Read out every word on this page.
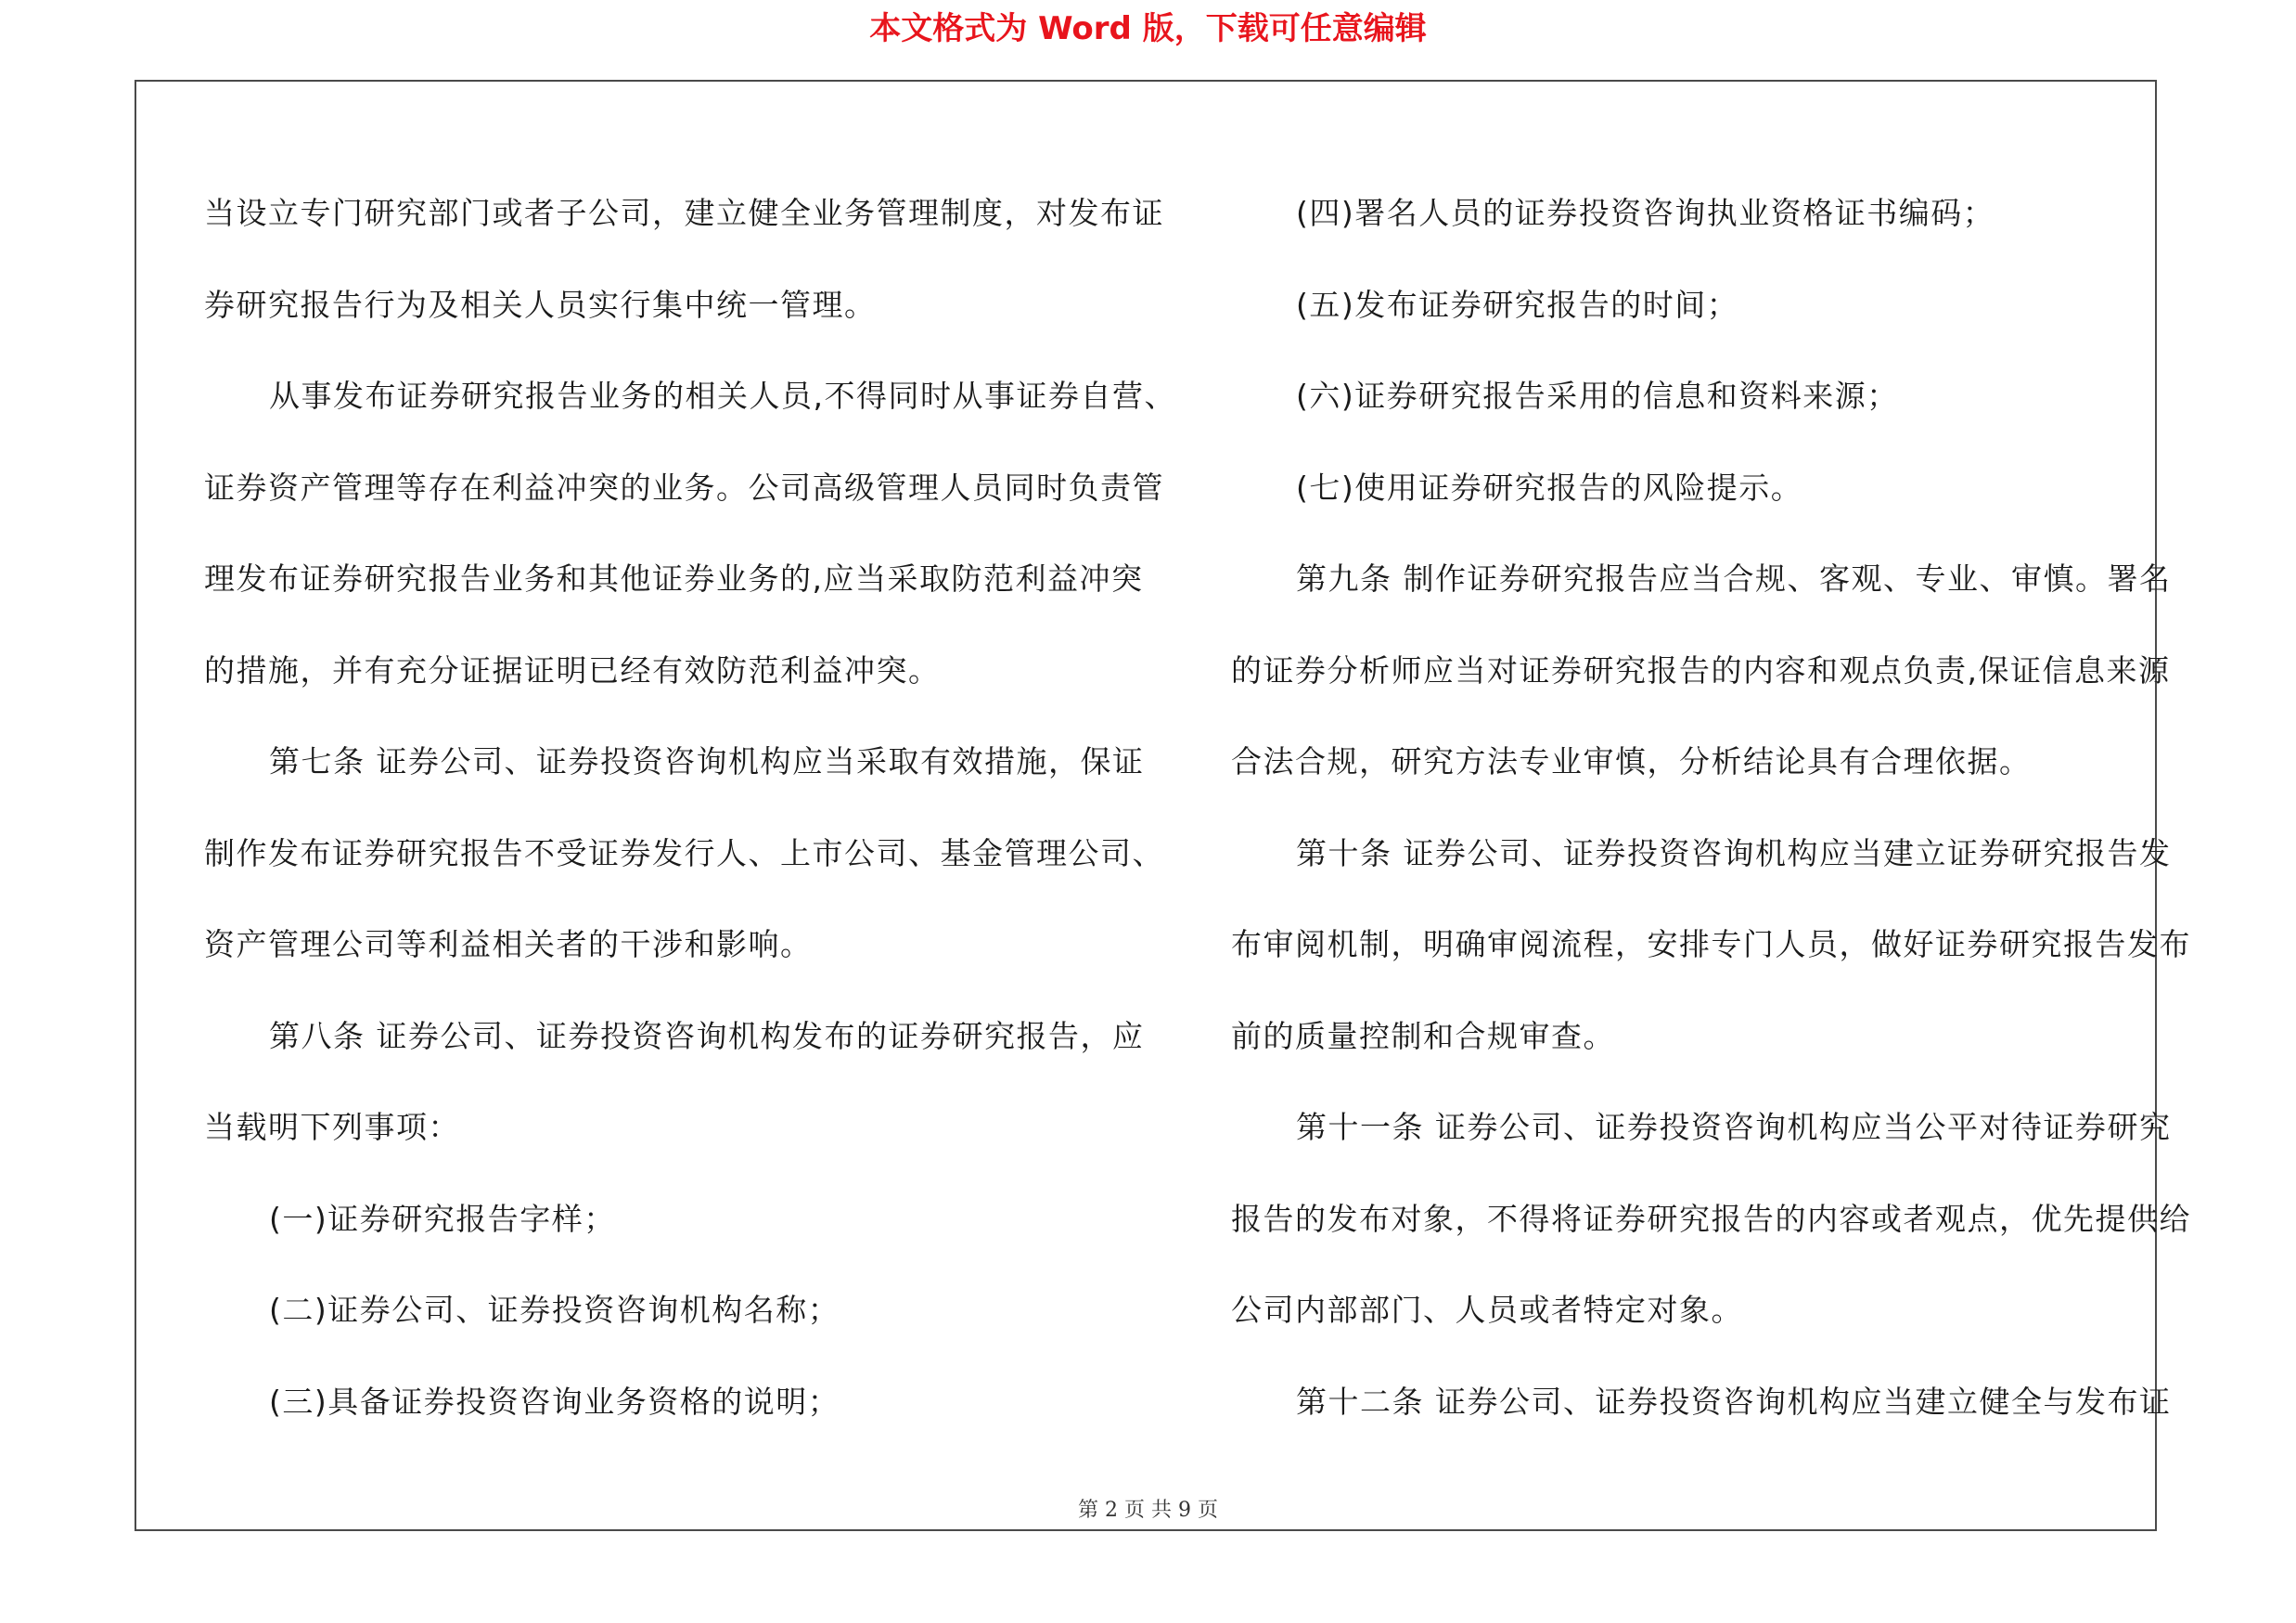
本文格式为 Word 版，下载可任意编辑
当设立专门研究部门或者子公司，建立健全业务管理制度，对发布证
券研究报告行为及相关人员实行集中统一管理。
从事发布证券研究报告业务的相关人员,不得同时从事证券自营、
证券资产管理等存在利益冲突的业务。公司高级管理人员同时负责管
理发布证券研究报告业务和其他证券业务的,应当采取防范利益冲突
的措施，并有充分证据证明已经有效防范利益冲突。
第七条 证券公司、证券投资咨询机构应当采取有效措施，保证
制作发布证券研究报告不受证券发行人、上市公司、基金管理公司、
资产管理公司等利益相关者的干涉和影响。
第八条 证券公司、证券投资咨询机构发布的证券研究报告，应
当载明下列事项：
(一)证券研究报告字样；
(二)证券公司、证券投资咨询机构名称；
(三)具备证券投资咨询业务资格的说明；
(四)署名人员的证券投资咨询执业资格证书编码；
(五)发布证券研究报告的时间；
(六)证券研究报告采用的信息和资料来源；
(七)使用证券研究报告的风险提示。
第九条 制作证券研究报告应当合规、客观、专业、审慎。署名
的证券分析师应当对证券研究报告的内容和观点负责,保证信息来源
合法合规，研究方法专业审慎，分析结论具有合理依据。
第十条 证券公司、证券投资咨询机构应当建立证券研究报告发
布审阅机制，明确审阅流程，安排专门人员，做好证券研究报告发布
前的质量控制和合规审查。
第十一条 证券公司、证券投资咨询机构应当公平对待证券研究
报告的发布对象，不得将证券研究报告的内容或者观点，优先提供给
公司内部部门、人员或者特定对象。
第十二条 证券公司、证券投资咨询机构应当建立健全与发布证
第 2 页 共 9 页
